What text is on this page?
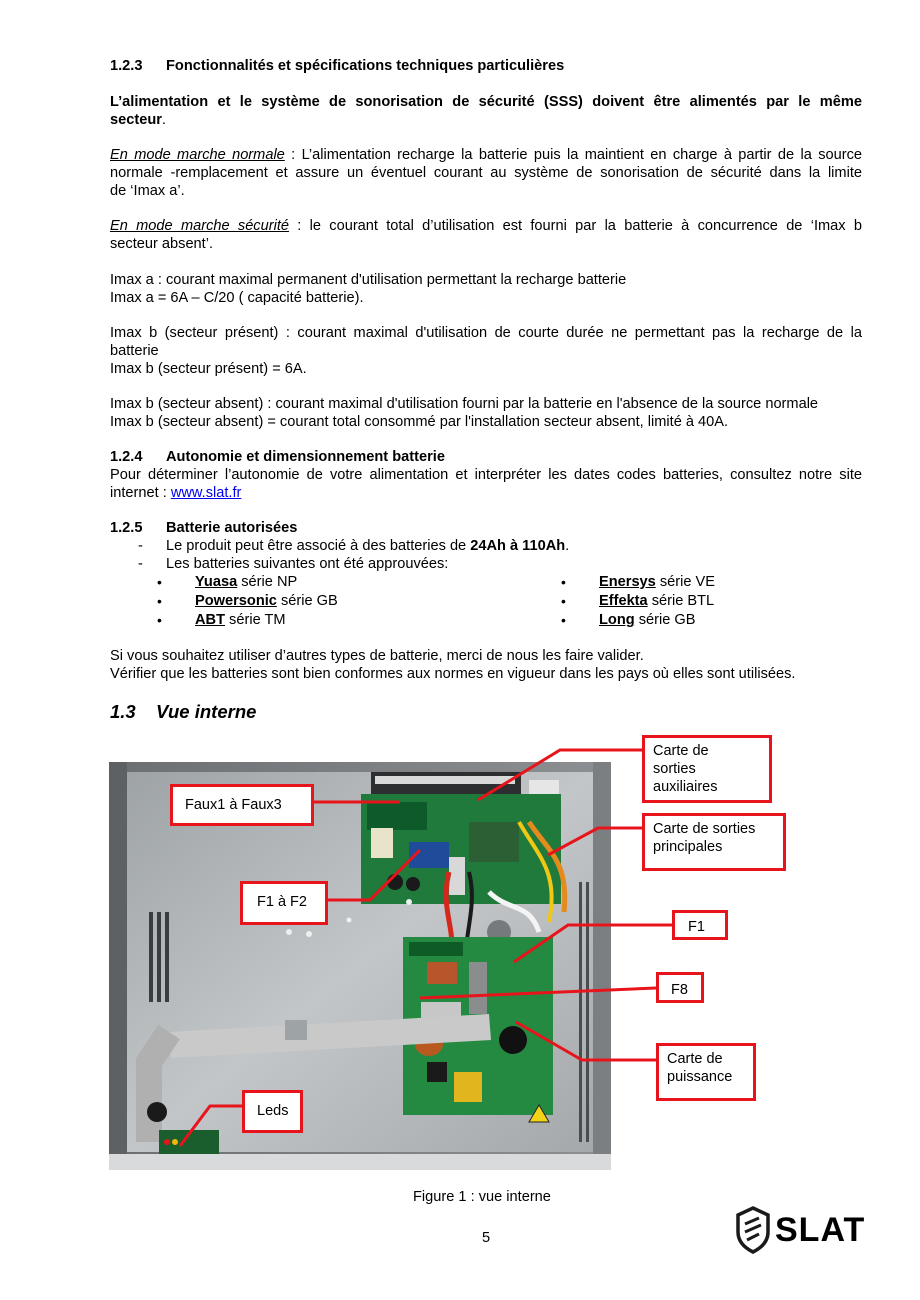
1.2.3 Fonctionnalités et spécifications techniques particulières
L’alimentation et le système de sonorisation de sécurité (SSS) doivent être alimentés par le même
secteur.
En mode marche normale : L’alimentation recharge la batterie puis la maintient en charge à partir de la source
normale -remplacement et assure un éventuel courant au système de sonorisation de sécurité dans la limite
de ‘Imax a’.
En mode marche sécurité : le courant total d’utilisation est fourni par la batterie à concurrence de ‘Imax b
secteur absent’.
Imax a : courant maximal permanent d'utilisation permettant la recharge batterie
Imax a = 6A – C/20 ( capacité batterie).
Imax b (secteur présent) : courant maximal d'utilisation de courte durée ne permettant pas la recharge de la
batterie
Imax b (secteur présent) = 6A.
Imax b (secteur absent) : courant maximal d'utilisation fourni par la batterie en l'absence de la source normale
Imax b (secteur absent) = courant total consommé par l'installation secteur absent, limité à 40A.
1.2.4 Autonomie et dimensionnement batterie
Pour déterminer l’autonomie de votre alimentation et interpréter les dates codes batteries, consultez notre site
internet : www.slat.fr
1.2.5 Batterie autorisées
- Le produit peut être associé à des batteries de 24Ah à 110Ah.
- Les batteries suivantes ont été approuvées:
• Yuasa série NP
• Powersonic série GB
• ABT série TM
• Enersys série VE
• Effekta série BTL
• Long série GB
Si vous souhaitez utiliser d’autres types de batterie, merci de nous les faire valider.
Vérifier que les batteries sont bien conformes aux normes en vigueur dans les pays où elles sont utilisées.
1.3 Vue interne
Carte de
sorties
auxiliaires
Carte de sorties
principales
Faux1 à Faux3
F1 à F2
F1
F8
Carte de
puissance
Leds
Figure 1 : vue interne
5	SLAT
